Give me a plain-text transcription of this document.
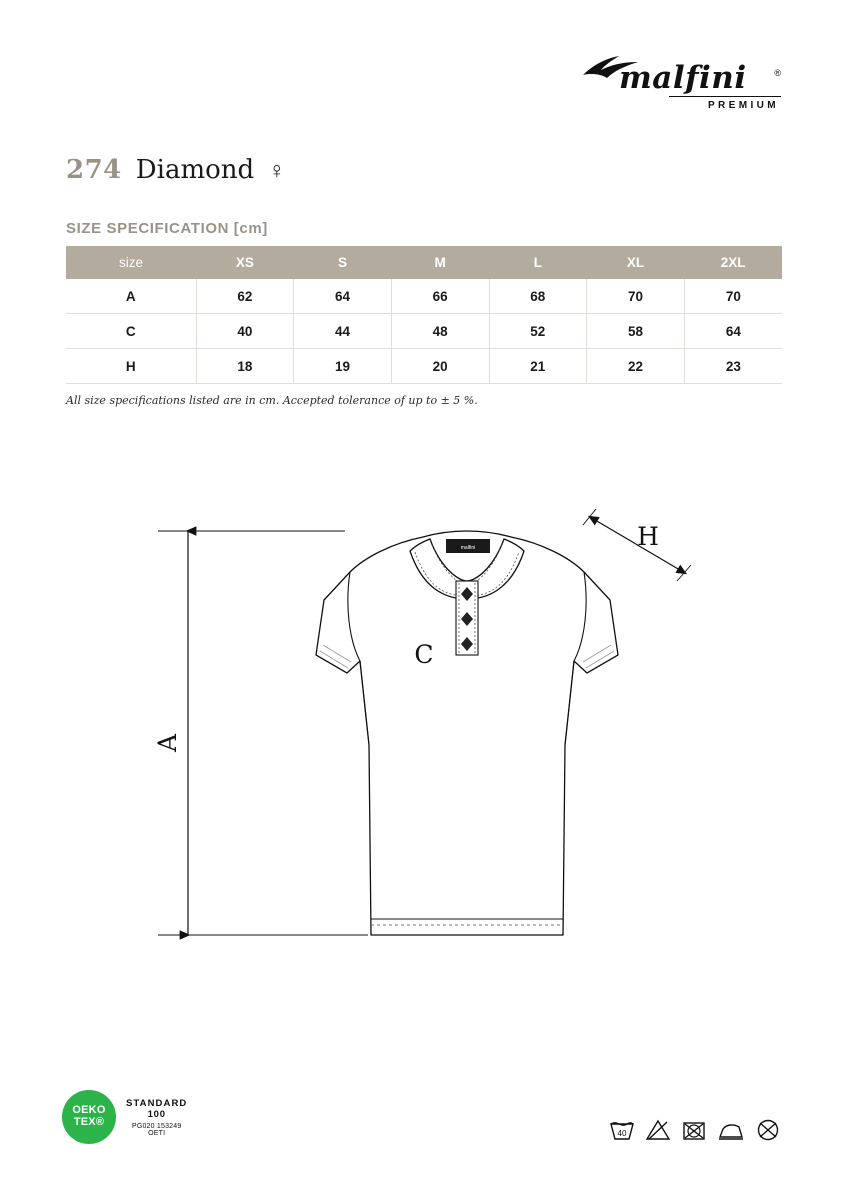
malfini	®
PREMIUM
274 Diamond ♀
SIZE SPECIFICATION [cm]
size	XS	S	M	L	XL	2XL
A	62	64	66	68	70	70
C	40	44	48	52	58	64
H	18	19	20	21	22	23
All size specifications listed are in cm. Accepted tolerance of up to ± 5 %.
malfini
A
C
H
OEKO
TEX®
STANDARD
100
PG020 153249
OETI	40
